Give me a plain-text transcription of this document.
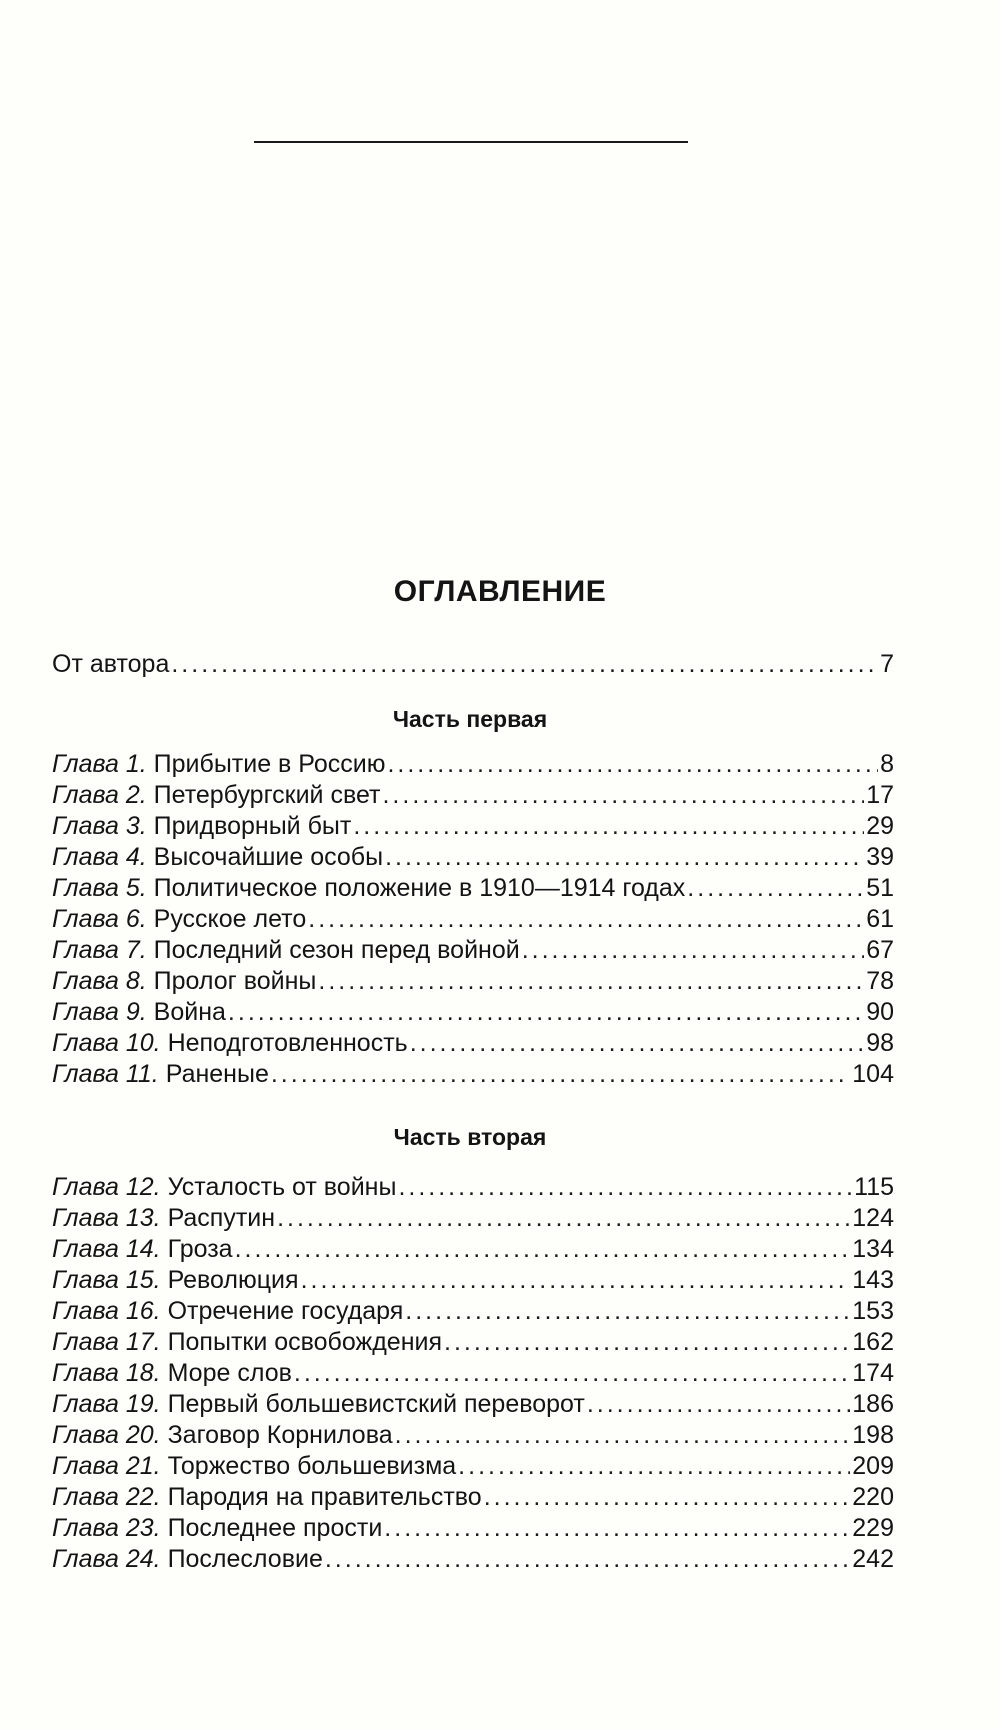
ОГЛАВЛЕНИЕ
От автора .....	7
Часть первая
Глава 1. Прибытие в Россию .....	8
Глава 2. Петербургский свет .....	17
Глава 3. Придворный быт .....	29
Глава 4. Высочайшие особы .....	39
Глава 5. Политическое положение в 1910—1914 годах .....	51
Глава 6. Русское лето .....	61
Глава 7. Последний сезон перед войной .....	67
Глава 8. Пролог войны .....	78
Глава 9. Война .....	90
Глава 10. Неподготовленность .....	98
Глава 11. Раненые .....	104
Часть вторая
Глава 12. Усталость от войны .....	115
Глава 13. Распутин .....	124
Глава 14. Гроза .....	134
Глава 15. Революция .....	143
Глава 16. Отречение государя .....	153
Глава 17. Попытки освобождения .....	162
Глава 18. Море слов .....	174
Глава 19. Первый большевистский переворот .....	186
Глава 20. Заговор Корнилова .....	198
Глава 21. Торжество большевизма .....	209
Глава 22. Пародия на правительство .....	220
Глава 23. Последнее прости .....	229
Глава 24. Послесловие .....	242
